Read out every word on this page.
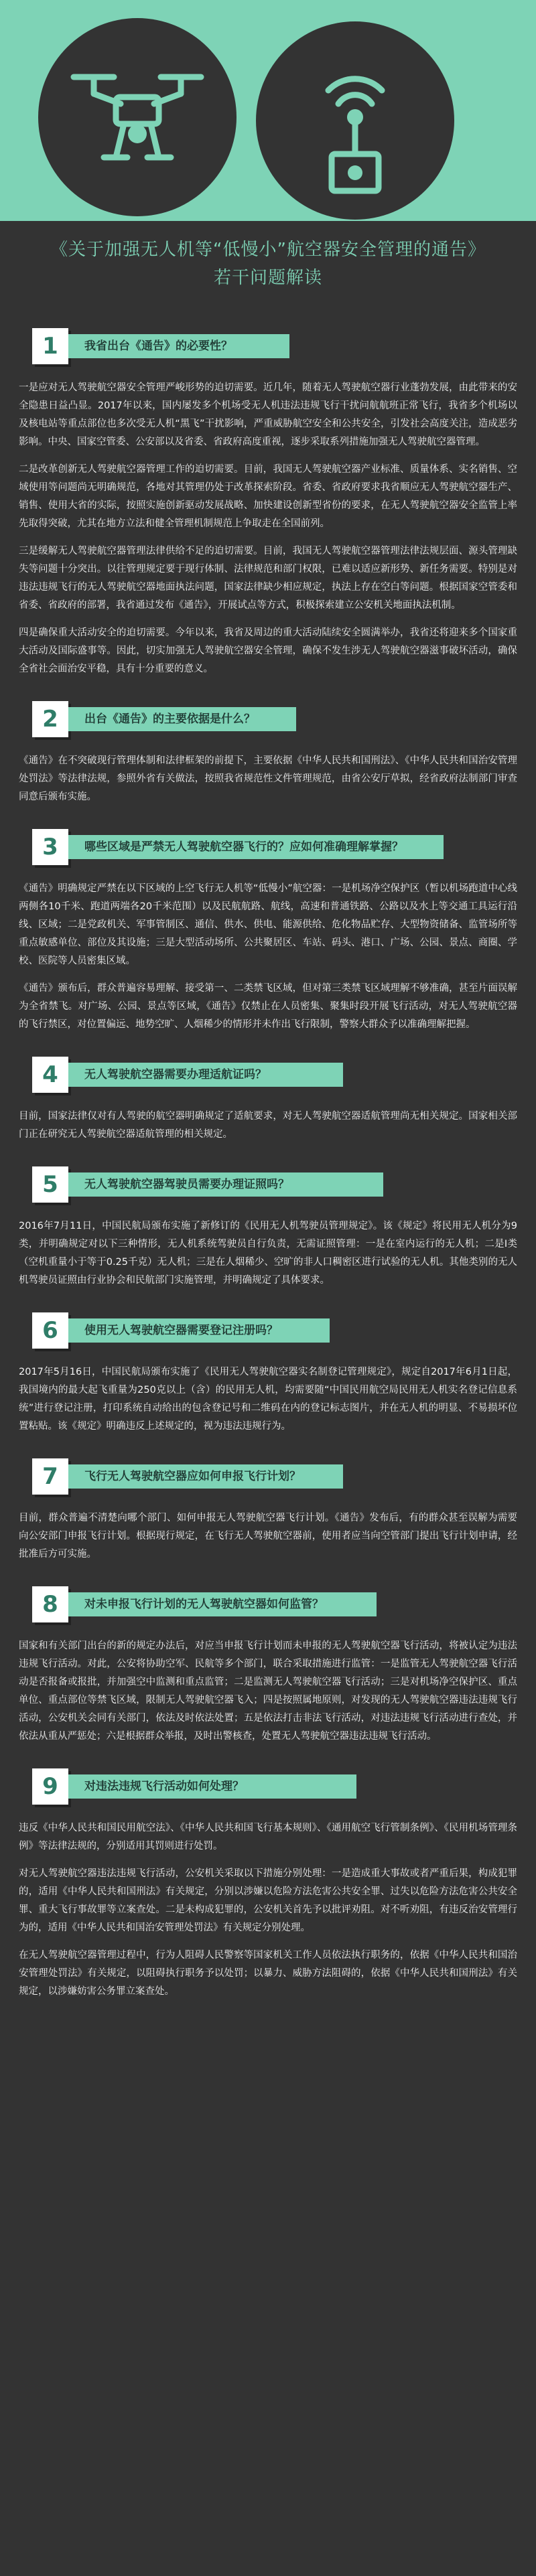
《关于加强无人机等“低慢小”航空器安全管理的通告》
若干问题解读
1	我省出台《通告》的必要性？

一是应对无人驾驶航空器安全管理严峻形势的迫切需要。近几年，随着无人驾驶航空器行业蓬勃发展，由此带来的安全隐患日益凸显。2017年以来，国内屡发多个机场受无人机违法违规飞行干扰问航航班正常飞行，我省多个机场以及核电站等重点部位也多次受无人机“黑飞”干扰影响，严重威胁航空安全和公共安全，引发社会高度关注，造成恶劣影响。中央、国家空管委、公安部以及省委、省政府高度重视，逐步采取系列措施加强无人驾驶航空器管理。

二是改革创新无人驾驶航空器管理工作的迫切需要。目前，我国无人驾驶航空器产业标准、质量体系、实名销售、空域使用等问题尚无明确规范，各地对其管理仍处于改革探索阶段。省委、省政府要求我省顺应无人驾驶航空器生产、销售、使用大省的实际，按照实施创新驱动发展战略、加快建设创新型省份的要求，在无人驾驶航空器安全监管上率先取得突破，尤其在地方立法和健全管理机制规范上争取走在全国前列。

三是缓解无人驾驶航空器管理法律供给不足的迫切需要。目前，我国无人驾驶航空器管理法律法规层面、源头管理缺失等问题十分突出。以往管理规定要于现行体制、法律规范和部门权限，已难以适应新形势、新任务需要。特别是对违法违规飞行的无人驾驶航空器地面执法问题，国家法律缺少相应规定，执法上存在空白等问题。根据国家空管委和省委、省政府的部署，我省通过发布《通告》，开展试点等方式，积极探索建立公安机关地面执法机制。

四是确保重大活动安全的迫切需要。今年以来，我省及周边的重大活动陆续安全圆满举办，我省还将迎来多个国家重大活动及国际盛事等。因此，切实加强无人驾驶航空器安全管理，确保不发生涉无人驾驶航空器滋事破坏活动，确保全省社会面治安平稳，具有十分重要的意义。

2	出台《通告》的主要依据是什么？

《通告》在不突破现行管理体制和法律框架的前提下，主要依据《中华人民共和国刑法》、《中华人民共和国治安管理处罚法》等法律法规，参照外省有关做法，按照我省规范性文件管理规范，由省公安厅草拟，经省政府法制部门审查同意后颁布实施。

3	哪些区域是严禁无人驾驶航空器飞行的？应如何准确理解掌握？

《通告》明确规定严禁在以下区域的上空飞行无人机等“低慢小”航空器：一是机场净空保护区（暂以机场跑道中心线两侧各10千米、跑道两端各20千米范围）以及民航航路、航线，高速和普通铁路、公路以及水上等交通工具运行沿线、区域；二是党政机关、军事管制区、通信、供水、供电、能源供给、危化物品贮存、大型物资储备、监管场所等重点敏感单位、部位及其设施；三是大型活动场所、公共聚居区、车站、码头、港口、广场、公园、景点、商圈、学校、医院等人员密集区域。

《通告》颁布后，群众普遍容易理解、接受第一、二类禁飞区域，但对第三类禁飞区域理解不够准确，甚至片面误解为全省禁飞。对广场、公园、景点等区域，《通告》仅禁止在人员密集、聚集时段开展飞行活动，对无人驾驶航空器的飞行禁区，对位置偏远、地势空旷、人烟稀少的情形并未作出飞行限制，警察大群众予以准确理解把握。

4	无人驾驶航空器需要办理适航证吗？

目前，国家法律仅对有人驾驶的航空器明确规定了适航要求，对无人驾驶航空器适航管理尚无相关规定。国家相关部门正在研究无人驾驶航空器适航管理的相关规定。

5	无人驾驶航空器驾驶员需要办理证照吗？

2016年7月11日，中国民航局颁布实施了新修订的《民用无人机驾驶员管理规定》。该《规定》将民用无人机分为9类，并明确规定对以下三种情形，无人机系统驾驶员自行负责，无需证照管理：一是在室内运行的无人机；二是I类（空机重量小于等于0.25千克）无人机；三是在人烟稀少、空旷的非人口稠密区进行试验的无人机。其他类别的无人机驾驶员证照由行业协会和民航部门实施管理，并明确规定了具体要求。

6	使用无人驾驶航空器需要登记注册吗？

2017年5月16日，中国民航局颁布实施了《民用无人驾驶航空器实名制登记管理规定》，规定自2017年6月1日起，我国境内的最大起飞重量为250克以上（含）的民用无人机，均需要随“中国民用航空局民用无人机实名登记信息系统”进行登记注册，打印系统自动给出的包含登记号和二维码在内的登记标志图片，并在无人机的明显、不易损坏位置粘贴。该《规定》明确违反上述规定的，视为违法违规行为。

7	飞行无人驾驶航空器应如何申报飞行计划？

目前，群众普遍不清楚向哪个部门、如何申报无人驾驶航空器飞行计划。《通告》发布后，有的群众甚至误解为需要向公安部门申报飞行计划。根据现行规定，在飞行无人驾驶航空器前，使用者应当向空管部门提出飞行计划申请，经批准后方可实施。

8	对未申报飞行计划的无人驾驶航空器如何监管？

国家和有关部门出台的新的规定办法后，对应当申报飞行计划而未申报的无人驾驶航空器飞行活动，将被认定为违法违规飞行活动。对此，公安将协助空军、民航等多个部门，联合采取措施进行监管：一是监管无人驾驶航空器飞行活动是否报备或报批，并加强空中监测和重点监管；二是监测无人驾驶航空器飞行活动；三是对机场净空保护区、重点单位、重点部位等禁飞区域，限制无人驾驶航空器飞入；四是按照属地原则，对发现的无人驾驶航空器违法违规飞行活动，公安机关会同有关部门，依法及时依法处置；五是依法打击非法飞行活动，对违法违规飞行活动进行查处，并依法从重从严惩处；六是根据群众举报，及时出警核查，处置无人驾驶航空器违法违规飞行活动。

9	对违法违规飞行活动如何处理？

违反《中华人民共和国民用航空法》、《中华人民共和国飞行基本规则》、《通用航空飞行管制条例》、《民用机场管理条例》等法律法规的，分别适用其罚则进行处罚。

对无人驾驶航空器违法违规飞行活动，公安机关采取以下措施分别处理：一是造成重大事故或者严重后果，构成犯罪的，适用《中华人民共和国刑法》有关规定，分别以涉嫌以危险方法危害公共安全罪、过失以危险方法危害公共安全罪、重大飞行事故罪等立案查处。二是未构成犯罪的，公安机关首先予以批评劝阻。对不听劝阻，有违反治安管理行为的，适用《中华人民共和国治安管理处罚法》有关规定分别处理。

在无人驾驶航空器管理过程中，行为人阻碍人民警察等国家机关工作人员依法执行职务的，依据《中华人民共和国治安管理处罚法》有关规定，以阻碍执行职务予以处罚；以暴力、威胁方法阻碍的，依据《中华人民共和国刑法》有关规定，以涉嫌妨害公务罪立案查处。
